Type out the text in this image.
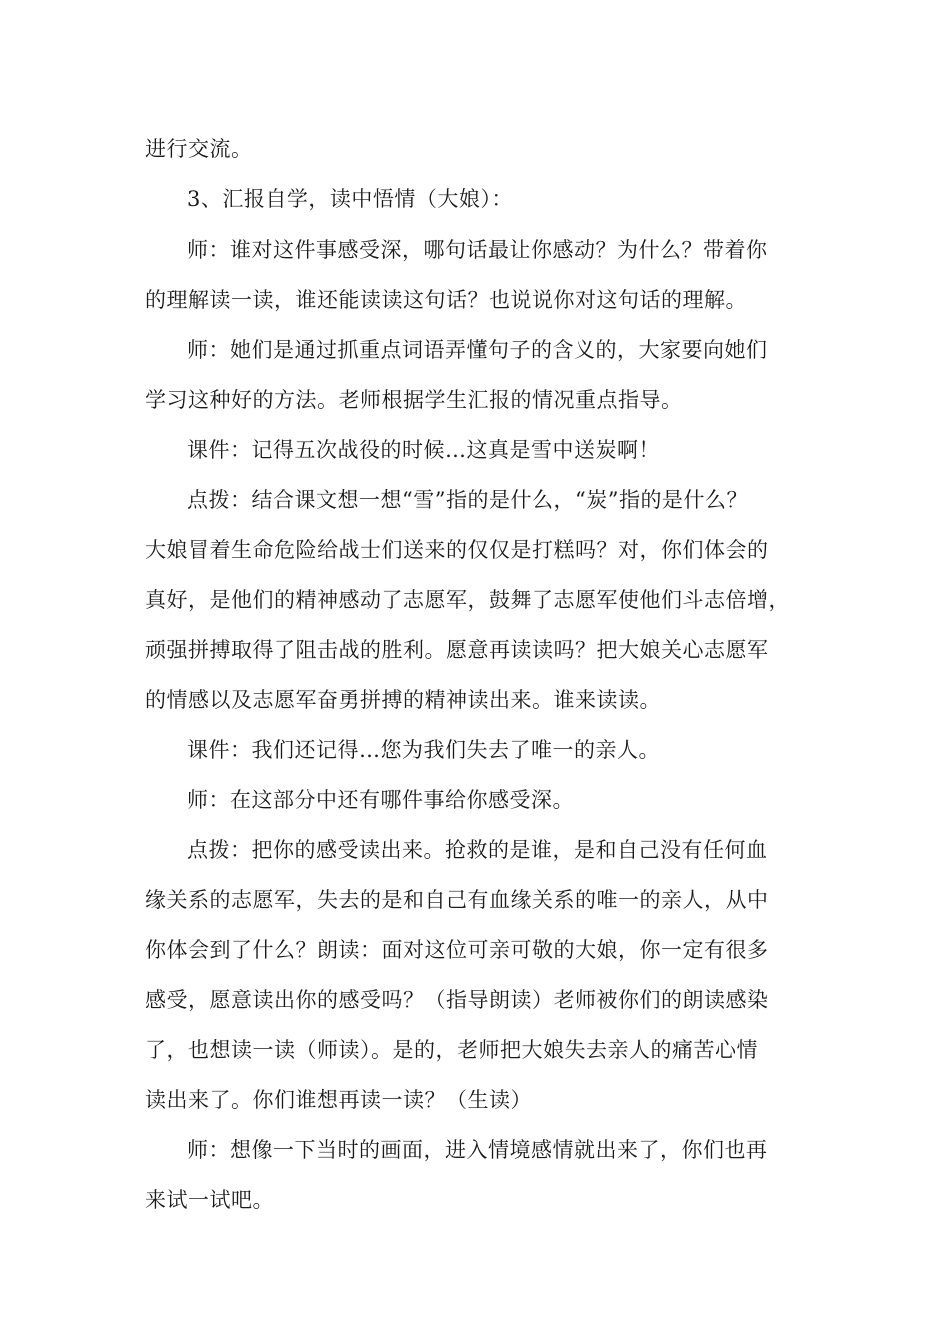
进行交流。

3、汇报自学，读中悟情（大娘）：

师：谁对这件事感受深，哪句话最让你感动？为什么？带着你

的理解读一读，谁还能读读这句话？也说说你对这句话的理解。

师：她们是通过抓重点词语弄懂句子的含义的，大家要向她们

学习这种好的方法。老师根据学生汇报的情况重点指导。

课件：记得五次战役的时候…这真是雪中送炭啊！

点拨：结合课文想一想“雪”指的是什么，“炭”指的是什么？

大娘冒着生命危险给战士们送来的仅仅是打糕吗？对，你们体会的

真好，是他们的精神感动了志愿军，鼓舞了志愿军使他们斗志倍增，

顽强拼搏取得了阻击战的胜利。愿意再读读吗？把大娘关心志愿军

的情感以及志愿军奋勇拼搏的精神读出来。谁来读读。

课件：我们还记得…您为我们失去了唯一的亲人。

师：在这部分中还有哪件事给你感受深。

点拨：把你的感受读出来。抢救的是谁，是和自己没有任何血

缘关系的志愿军，失去的是和自己有血缘关系的唯一的亲人，从中

你体会到了什么？朗读：面对这位可亲可敬的大娘，你一定有很多

感受，愿意读出你的感受吗？（指导朗读）老师被你们的朗读感染

了，也想读一读（师读）。是的，老师把大娘失去亲人的痛苦心情

读出来了。你们谁想再读一读？（生读）

师：想像一下当时的画面，进入情境感情就出来了，你们也再

来试一试吧。
